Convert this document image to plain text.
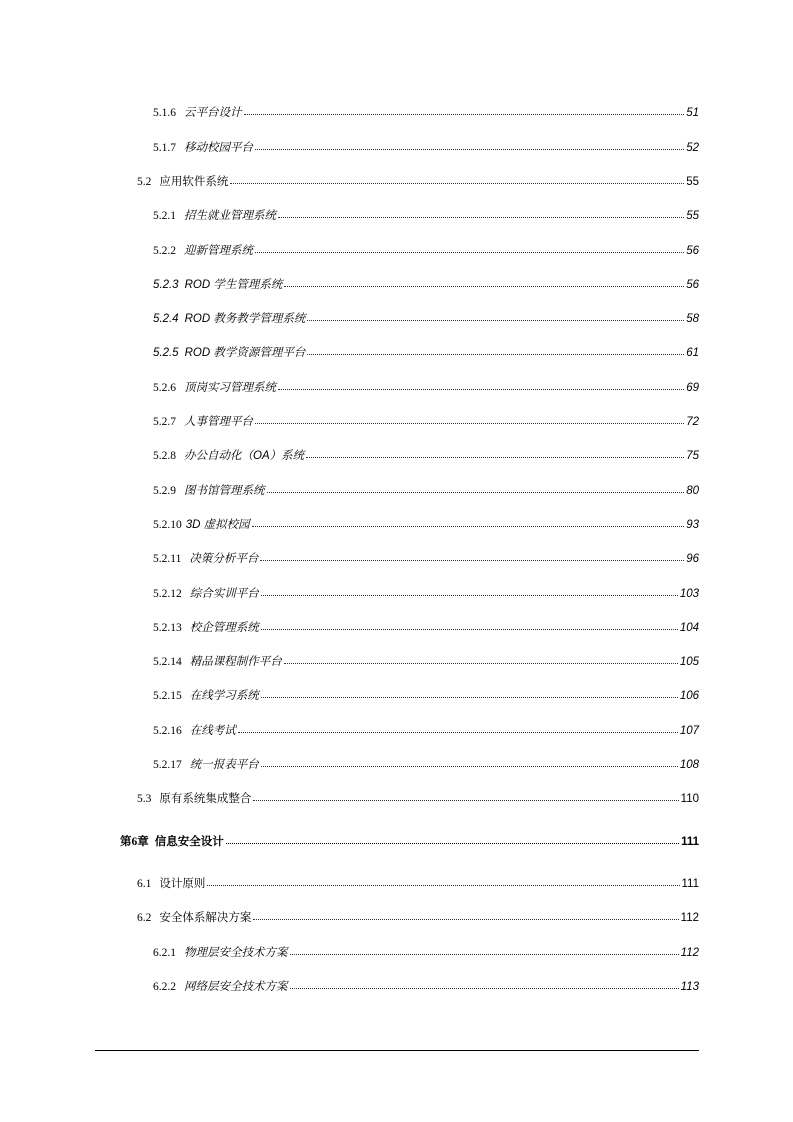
5.1.6 云平台设计	51
5.1.7 移动校园平台	52
5.2 应用软件系统	55
5.2.1 招生就业管理系统	55
5.2.2 迎新管理系统	56
5.2.3 ROD 学生管理系统	56
5.2.4 ROD 教务教学管理系统	58
5.2.5 ROD 教学资源管理平台	61
5.2.6 顶岗实习管理系统	69
5.2.7 人事管理平台	72
5.2.8 办公自动化（OA）系统	75
5.2.9 图书馆管理系统	80
5.2.10 3D 虚拟校园	93
5.2.11 决策分析平台	96
5.2.12 综合实训平台	103
5.2.13 校企管理系统	104
5.2.14 精品课程制作平台	105
5.2.15 在线学习系统	106
5.2.16 在线考试	107
5.2.17 统一报表平台	108
5.3 原有系统集成整合	110
第6章 信息安全设计	111
6.1 设计原则	111
6.2 安全体系解决方案	112
6.2.1 物理层安全技术方案	112
6.2.2 网络层安全技术方案	113
